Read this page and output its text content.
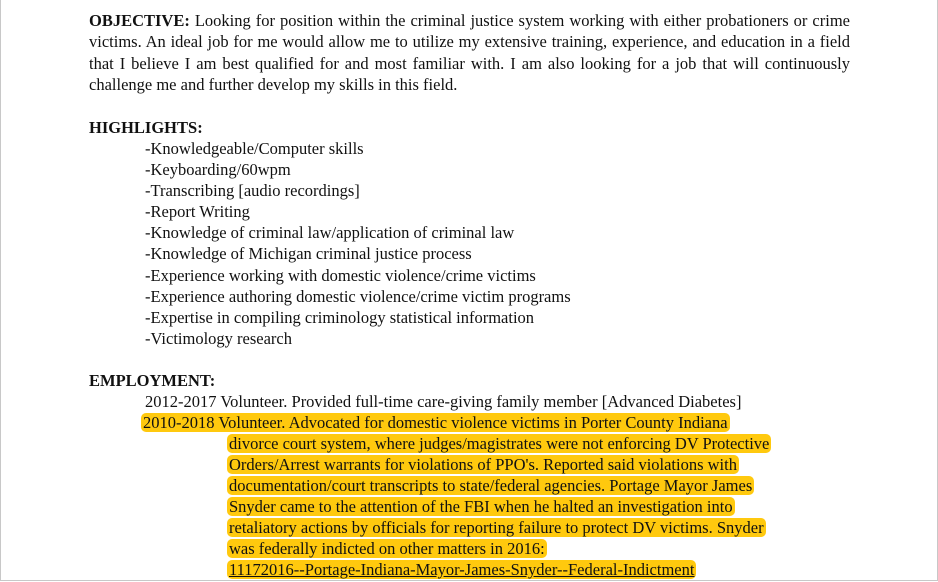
OBJECTIVE: Looking for position within the criminal justice system working with either probationers or crime victims. An ideal job for me would allow me to utilize my extensive training, experience, and education in a field that I believe I am best qualified for and most familiar with. I am also looking for a job that will continuously challenge me and further develop my skills in this field.
HIGHLIGHTS:
-Knowledgeable/Computer skills
-Keyboarding/60wpm
-Transcribing [audio recordings]
-Report Writing
-Knowledge of criminal law/application of criminal law
-Knowledge of Michigan criminal justice process
-Experience working with domestic violence/crime victims
-Experience authoring domestic violence/crime victim programs
-Expertise in compiling criminology statistical information
-Victimology research
EMPLOYMENT:
2012-2017 Volunteer. Provided full-time care-giving family member [Advanced Diabetes]
2010-2018 Volunteer. Advocated for domestic violence victims in Porter County Indiana
divorce court system, where judges/magistrates were not enforcing DV Protective
Orders/Arrest warrants for violations of PPO's. Reported said violations with
documentation/court transcripts to state/federal agencies. Portage Mayor James
Snyder came to the attention of the FBI when he halted an investigation into
retaliatory actions by officials for reporting failure to protect DV victims. Snyder
was federally indicted on other matters in 2016:
11172016--Portage-Indiana-Mayor-James-Snyder--Federal-Indictment
